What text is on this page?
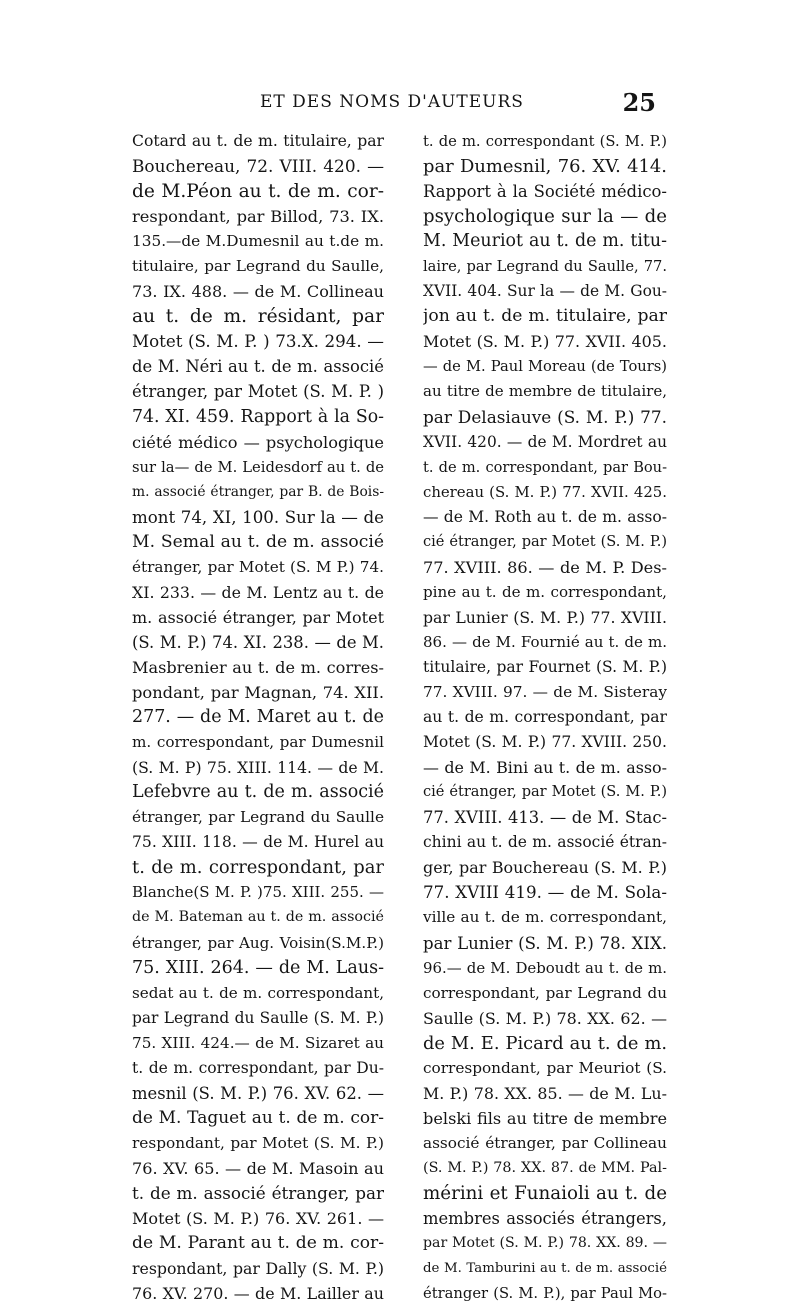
ET DES NOMS D'AUTEURS	25
Cotard au t. de m. titulaire, par
Bouchereau, 72. VIII. 420. —
de M.Péon au t. de m. cor-
respondant, par Billod, 73. IX.
135.—de M.Dumesnil au t.de m.
titulaire, par Legrand du Saulle,
73. IX. 488. — de M. Collineau
au t. de m. résidant, par
Motet (S. M. P. ) 73.X. 294. —
de M. Néri au t. de m. associé
étranger, par Motet (S. M. P. )
74. XI. 459. Rapport à la So-
ciété médico — psychologique
sur la— de M. Leidesdorf au t. de
m. associé étranger, par B. de Bois-
mont 74, XI, 100. Sur la — de
M. Semal au t. de m. associé
étranger, par Motet (S. M P.) 74.
XI. 233. — de M. Lentz au t. de
m. associé étranger, par Motet
(S. M. P.) 74. XI. 238. — de M.
Masbrenier au t. de m. corres-
pondant, par Magnan, 74. XII.
277. — de M. Maret au t. de
m. correspondant, par Dumesnil
(S. M. P) 75. XIII. 114. — de M.
Lefebvre au t. de m. associé
étranger, par Legrand du Saulle
75. XIII. 118. — de M. Hurel au
t. de m. correspondant, par
Blanche(S M. P. )75. XIII. 255. —
de M. Bateman au t. de m. associé
étranger, par Aug. Voisin(S.M.P.)
75. XIII. 264. — de M. Laus-
sedat au t. de m. correspondant,
par Legrand du Saulle (S. M. P.)
75. XIII. 424.— de M. Sizaret au
t. de m. correspondant, par Du-
mesnil (S. M. P.) 76. XV. 62. —
de M. Taguet au t. de m. cor-
respondant, par Motet (S. M. P.)
76. XV. 65. — de M. Masoin au
t. de m. associé étranger, par
Motet (S. M. P.) 76. XV. 261. —
de M. Parant au t. de m. cor-
respondant, par Dally (S. M. P.)
76. XV. 270. — de M. Lailler au
t. de m. correspondant (S. M. P.)
par Dumesnil, 76. XV. 414.
Rapport à la Société médico-
psychologique sur la — de
M. Meuriot au t. de m. titu-
laire, par Legrand du Saulle, 77.
XVII. 404. Sur la — de M. Gou-
jon au t. de m. titulaire, par
Motet (S. M. P.) 77. XVII. 405.
— de M. Paul Moreau (de Tours)
au titre de membre de titulaire,
par Delasiauve (S. M. P.) 77.
XVII. 420. — de M. Mordret au
t. de m. correspondant, par Bou-
chereau (S. M. P.) 77. XVII. 425.
— de M. Roth au t. de m. asso-
cié étranger, par Motet (S. M. P.)
77. XVIII. 86. — de M. P. Des-
pine au t. de m. correspondant,
par Lunier (S. M. P.) 77. XVIII.
86. — de M. Fournié au t. de m.
titulaire, par Fournet (S. M. P.)
77. XVIII. 97. — de M. Sisteray
au t. de m. correspondant, par
Motet (S. M. P.) 77. XVIII. 250.
— de M. Bini au t. de m. asso-
cié étranger, par Motet (S. M. P.)
77. XVIII. 413. — de M. Stac-
chini au t. de m. associé étran-
ger, par Bouchereau (S. M. P.)
77. XVIII 419. — de M. Sola-
ville au t. de m. correspondant,
par Lunier (S. M. P.) 78. XIX.
96.— de M. Deboudt au t. de m.
correspondant, par Legrand du
Saulle (S. M. P.) 78. XX. 62. —
de M. E. Picard au t. de m.
correspondant, par Meuriot (S.
M. P.) 78. XX. 85. — de M. Lu-
belski fils au titre de membre
associé étranger, par Collineau
(S. M. P.) 78. XX. 87. de MM. Pal-
mérini et Funaioli au t. de
membres associés étrangers,
par Motet (S. M. P.) 78. XX. 89. —
de M. Tamburini au t. de m. associé
étranger (S. M. P.), par Paul Mo-
